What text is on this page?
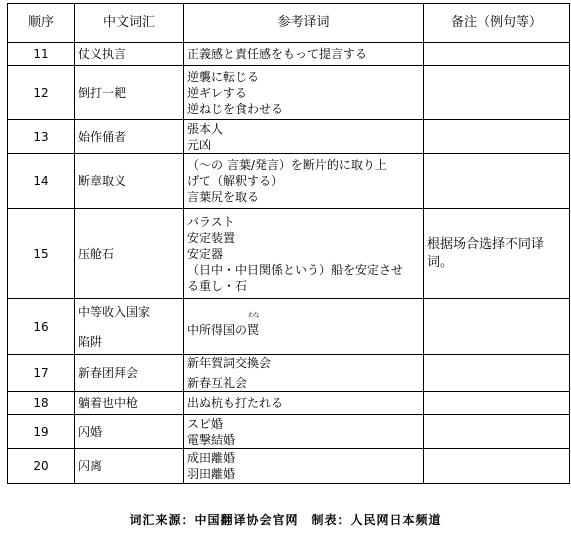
顺序	中文词汇	参考译词	备注（例句等）
11	仗义执言	正義感と責任感をもって提言する	

12	倒打一耙	逆襲に転じる
逆ギレする
逆ねじを食わせる	

13	始作俑者	張本人
元凶	

14	断章取义	（〜の 言葉/発言）を断片的に取り上
げて（解釈する）
言葉尻を取る	

15	压舱石	バラスト
安定装置
安定器
（日中・中日関係という）船を安定させ
る重し・石	根据场合选择不同译
词。

16	中等收入国家
陷阱	中所得国の罠
わな	

17	新春团拜会	新年賀詞交換会
新春互礼会	

18	躺着也中枪	出ぬ杭も打たれる	

19	闪婚	スピ婚
電撃結婚	

20	闪离	成田離婚
羽田離婚	

词汇来源：中国翻译协会官网　制表：人民网日本频道
